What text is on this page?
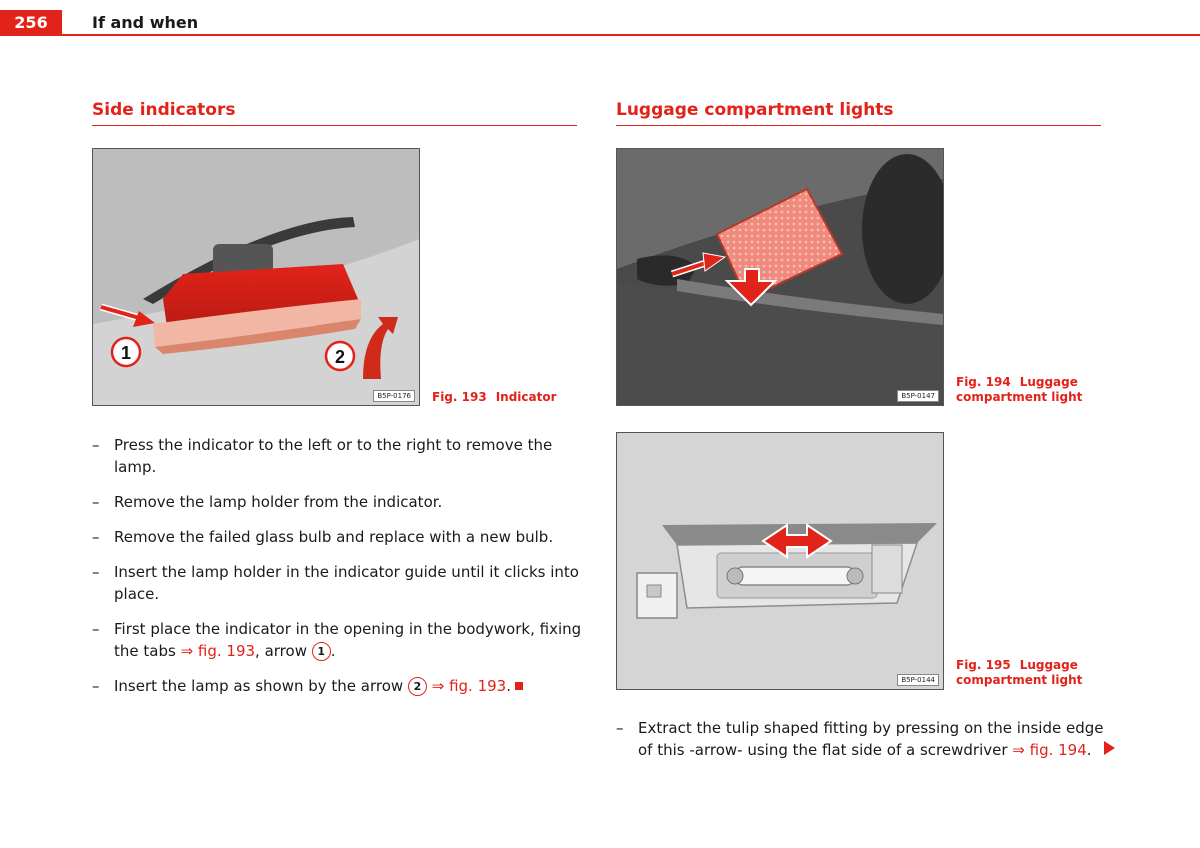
256	If and when
Side indicators
1	2
B5P-0176	Fig. 193 Indicator
– Press the indicator to the left or to the right to remove the lamp.
– Remove the lamp holder from the indicator.
– Remove the failed glass bulb and replace with a new bulb.
– Insert the lamp holder in the indicator guide until it clicks into place.
– First place the indicator in the opening in the bodywork, fixing the tabs ⇒ fig. 193, arrow 1 .
– Insert the lamp as shown by the arrow 2 ⇒ fig. 193.
Luggage compartment lights
B5P-0147
Fig. 194 Luggage compartment light
B5P-0144
Fig. 195 Luggage compartment light
– Extract the tulip shaped fitting by pressing on the inside edge of this -arrow- using the flat side of a screwdriver ⇒ fig. 194.
